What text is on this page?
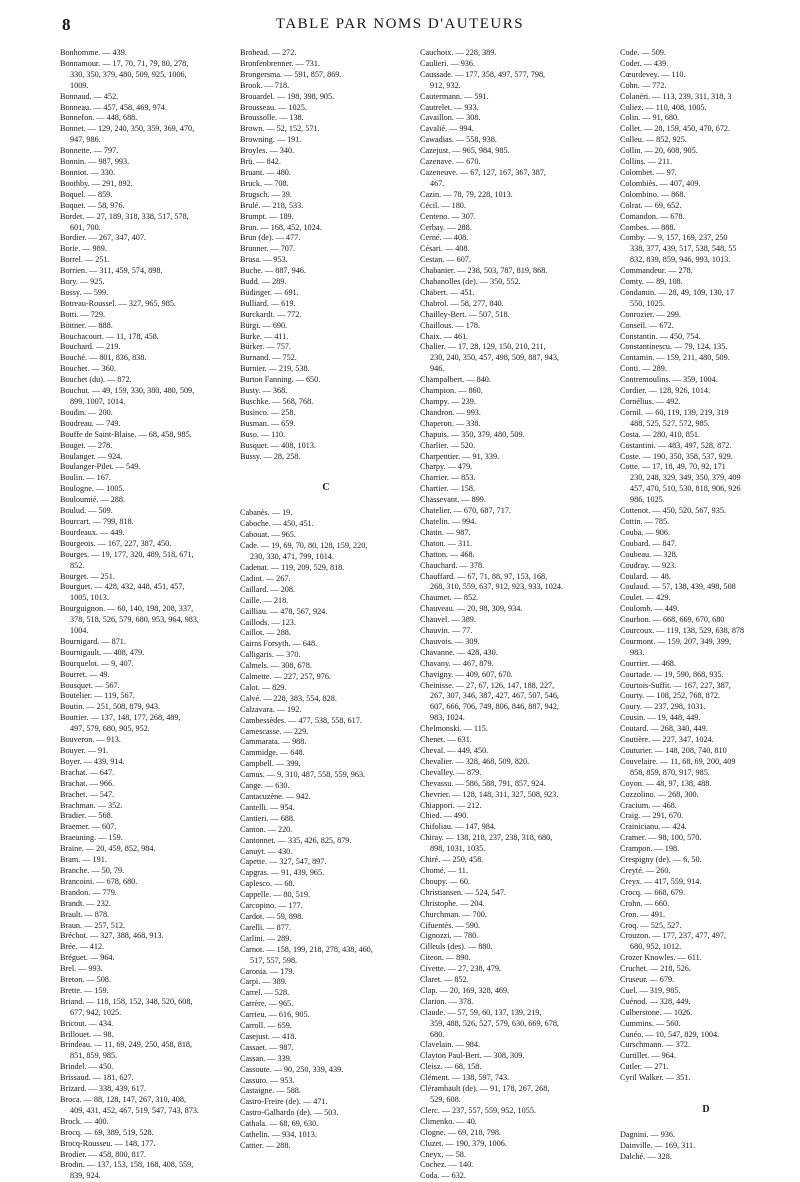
8	TABLE PAR NOMS D'AUTEURS
Bonhomme. — 439.
Bonnamour. — 17, 70, 71, 79, 80, 278,
330, 350, 379, 480, 509, 925, 1006,
1009.
Bonnaud. — 452.
Bonneau. — 457, 458, 469, 974.
Bonnefon. — 448, 688.
Bonnet. — 129, 240, 350, 359, 369, 470,
947, 986.
Bonnette. — 797.
Bonnin. — 987, 993.
Bonniot. — 330.
Boothby. — 291, 892.
Boquel. — 859.
Boquet. — 58, 976.
Bordet. — 27, 189, 318, 338, 517, 578,
601, 700.
Bordier. — 267, 347, 407.
Borie. — 989.
Borrel. — 251.
Borrien. — 311, 459, 574, 898.
Bory. — 925.
Bossy. — 599.
Botreau-Roussel. — 327, 965, 985.
Botti. — 729.
Böttner. — 888.
Bouchacourt. — 11, 178, 458.
Bouchard. — 219.
Bouché. — 801, 836, 838.
Bouchet. — 360.
Bouchet (du). — 872.
Bouchut. — 49, 159, 330, 380, 480, 509,
899, 1007, 1014.
Boudin. — 200.
Boudreau. — 749.
Bouffe de Saint-Blaise. — 68, 458, 985.
Bouget. — 278.
Boulanger. — 924.
Boulanger-Pilet. — 549.
Boulin. — 167.
Boulogne. — 1005.
Bouloumié. — 288.
Boulud. — 509.
Bourcart. — 799, 818.
Bourdeaux. — 449.
Bourgeois. — 167, 227, 387, 450.
Bourges. — 19, 177, 320, 489, 518, 671,
852.
Bourget. — 251.
Bourguet. — 428, 432, 448, 451, 457,
1005, 1013.
Bourguignon. — 60, 140, 198, 208, 337,
378, 518, 526, 579, 680, 953, 964, 983,
1004.
Bournigard. — 871.
Bournigault. — 408, 479.
Bourquelot. — 9, 407.
Bourret. — 49.
Bousquet. — 567.
Boutelier. — 119, 567.
Boutin. — 251, 508, 879, 943.
Bouttier. — 137, 148, 177, 268, 489,
497, 579, 680, 905, 952.
Bouveron. — 913.
Bouyer. — 91.
Boyer. — 439, 914.
Brachat. — 647.
Brachat. — 966.
Brachet. — 547.
Brachman. — 352.
Bradier. — 568.
Braemer. — 607.
Braeuning. — 159.
Braine. — 20, 459, 852, 984.
Bram. — 191.
Branche. — 50, 79.
Brancoini. — 678, 680.
Brandon. — 779.
Brandt. — 232.
Brault. — 878.
Braun. — 257, 512.
Bréchot. — 327, 388, 468, 913.
Brée. — 412.
Bréguet. — 964.
Brel. — 993.
Breton. — 508.
Brette. — 159.
Briand. — 118, 158, 152, 348, 520, 608,
677, 942, 1025.
Bricout. — 434.
Brillouet. — 98.
Brindeau. — 11, 69, 249, 250, 458, 818,
851, 859, 985.
Brindel. — 450.
Brissaud. — 181, 627.
Brizard. — 338, 439, 617.
Broca. — 88, 128, 147, 267, 310, 408,
409, 431, 452, 467, 519, 547, 743, 873.
Brock. — 400.
Brocq. — 69, 389, 519, 528.
Brocq-Rousseu. — 148, 177.
Brodier. — 458, 800, 817.
Brodin. — 137, 153, 158, 168, 408, 559,
839, 924.
Brohead. — 272.
Bronfenbrenner. — 731.
Brongersma. — 591, 857, 869.
Brook. — 718.
Brouardel. — 198, 398, 905.
Brousseau. — 1025.
Broussolle. — 138.
Brown. — 52, 152, 571.
Browning. — 191.
Broyles. — 340.
Brü. — 842.
Bruant. — 480.
Bruck. — 708.
Brugsch. — 39.
Brulé. — 218, 533.
Brumpt. — 189.
Brun. — 168, 452, 1024.
Brun (de). — 477.
Brunner. — 707.
Brusa. — 953.
Buche. — 887, 946.
Budd. — 289.
Büdinger. — 691.
Bulliard. — 619.
Burckardt. — 772.
Bürgi. — 690.
Burke. — 411.
Bürker. — 757.
Burnand. — 752.
Burnier. — 219, 538.
Burton Fanning. — 650.
Busty. — 368.
Buschke. — 568, 768.
Businco. — 258.
Busman. — 659.
Buso. — 110.
Busquet. — 408, 1013.
Bussy. — 28, 258.
C
Cabanès. — 19.
Caboche. — 450, 451.
Cabouat. — 965.
Cade. — 19, 69, 70, 80, 128, 159, 220,
230, 330, 471, 799, 1014.
Cadenat. — 119, 209, 529, 818.
Cadiot. — 267.
Caillard. — 208.
Caille. — 218.
Cailliau. — 478, 567, 924.
Caillods. — 123.
Caillot. — 288.
Cairns Forsyth. — 648.
Calligaris. — 370.
Calmels. — 308, 678.
Calmette. — 227, 257, 976.
Calot. — 829.
Calvé. — 228, 383, 554, 828.
Calzavara. — 192.
Cambessèdes. — 477, 538, 558, 617.
Camescasse. — 229.
Cammarata. — 988.
Cammidge. — 648.
Campbell. — 399.
Camus. — 9, 310, 487, 558, 559, 963.
Cange. — 630.
Cantacuzène. — 942.
Cantelli. — 954.
Cantieri. — 688.
Canton. — 220.
Cantonnet. — 335, 426, 825, 879.
Canuyt. — 430.
Capette. — 327, 547, 897.
Capgras. — 91, 439, 965.
Caplesco. — 68.
Cappelle. — 80, 519.
Carcopino. — 177.
Cardot. — 59, 898.
Carelli. — 877.
Carlini. — 289.
Carnot. — 158, 199, 218, 278, 438, 460,
517, 557, 598.
Caronia. — 179.
Carpi. — 389.
Carrel. — 528.
Carrère. — 965.
Carrieu. — 616, 905.
Carroll. — 659.
Casejust. — 418.
Cassaet. — 987.
Cassan. — 339.
Cassoute. — 90, 250, 339, 439.
Cassuto. — 953.
Castaigne. — 588.
Castro-Freire (de). — 471.
Castro-Galhardo (de). — 503.
Cathala. — 68, 69, 630.
Cathelin. — 934, 1013.
Cattier. — 288.
Cauchoix. — 228, 389.
Caulieri. — 936.
Caussade. — 177, 358, 497, 577, 798,
912, 932.
Cautermann. — 591.
Cautrelet. — 933.
Cavaillon. — 308.
Cavalié. — 994.
Cawadias. — 558, 938.
Cazejust. — 965, 984, 985.
Cazenave. — 670.
Cazeneuve. — 67, 127, 167, 367, 387,
467.
Cazin. — 78, 79, 228, 1013.
Cécil. — 180.
Centeno. — 307.
Cerbay. — 288.
Cerné. — 408.
Césari. — 408.
Cestan. — 607.
Chabanier. — 238, 503, 787, 819, 868.
Chabanolles (de). — 350, 552.
Chabert. — 451.
Chabrol. — 58, 277, 840.
Chailley-Bert. — 507, 518.
Chaillous. — 178.
Chaix. — 461.
Chalier. — 17, 28, 129, 150, 210, 211,
230, 240, 350, 457, 498, 509, 887, 943,
946.
Champalbert. — 840.
Champion. — 860.
Champy. — 239.
Chandron. — 993.
Chaperon. — 338.
Chapuis. — 350, 379, 480, 509.
Charlier. — 520.
Charpentier. — 91, 339.
Charpy. — 479.
Charrier. — 853.
Chartier. — 158.
Chassevant. — 899.
Chatelier. — 670, 687, 717.
Chatelin. — 994.
Chatin. — 987.
Chaton. — 311.
Chatton. — 468.
Chauchard. — 378.
Chauffard. — 67, 71, 88, 97, 153, 168,
268, 310, 559, 637, 912, 923, 933, 1024.
Chaumet. — 852.
Chauveau. — 20, 98, 309, 934.
Chauvel. — 389.
Chauvin. — 77.
Chauvois. — 309.
Chavanne. — 428, 430.
Chavany. — 467, 879.
Chavigny. — 409, 607, 670.
Cheinisse. — 27, 67, 126, 147, 188, 227,
267, 307, 346, 387, 427, 467, 507, 546,
607, 666, 706, 749, 806, 846, 887, 942,
983, 1024.
Chelmonski. — 115.
Chenet. — 631.
Cheval. — 449, 450.
Chevalier. — 328, 468, 509, 820.
Chevalley. — 879.
Chevassu. — 586, 588, 791, 857, 924.
Chevrier. — 128, 148, 311, 327, 508, 923.
Chiappori. — 212.
Chied. — 490.
Chifoliau. — 147, 984.
Chiray. — 138, 218, 237, 238, 318, 680,
898, 1031, 1035.
Chiré. — 250, 458.
Chomé. — 11.
Choupy. — 60.
Christiansen. — 524, 547.
Christophe. — 204.
Churchman. — 700.
Cifuentès. — 590.
Cignozzi. — 780.
Cilleuls (des). — 880.
Citeon. — 890.
Civette. — 27, 238, 479.
Claret. — 852.
Clap. — 20, 169, 328, 469.
Clarion. — 378.
Claude. — 57, 59, 60, 137, 139, 219,
359, 488, 526, 527, 579, 630, 669, 678,
680.
Clavelain. — 984.
Clayton Paul-Bert. — 308, 309.
Cleisz. — 68, 158.
Clément. — 138, 597, 743.
Clérambault (de). — 91, 178, 267, 268,
529, 608.
Clerc. — 237, 557, 559, 952, 1055.
Climenko. — 40.
Clogne. — 69, 218, 798.
Cluzet. — 190, 379, 1006.
Cneyx. — 58.
Cochez. — 140.
Coda. — 632.
Code. — 509.
Codet. — 439.
Cœurdevey. — 110.
Cohn. — 772.
Colanéri. — 113, 239, 311, 318, 3
Coliez. — 110, 408, 1005.
Colin. — 91, 680.
Collet. — 28, 159, 450, 470, 672.
Colleu. — 852, 925.
Collin. — 20, 608, 905.
Collins. — 211.
Colombet. — 97.
Colombiès. — 407, 409.
Colombino. — 868.
Colrat. — 69, 652.
Comandon. — 678.
Combes. — 888.
Comby. — 9, 157, 169, 237, 250
338, 377, 439, 517, 538, 548, 55
832, 839, 859, 946, 993, 1013.
Commandeur. — 278.
Comty. — 89, 108.
Condamin. — 28, 49, 109, 130, 17
550, 1025.
Conrozier. — 299.
Conseil. — 672.
Constantin. — 450, 754.
Constantinescu. — 79, 124, 135.
Contamin. — 159, 211, 480, 509.
Conti. — 289.
Contremoulins. — 359, 1004.
Cordier. — 128, 926, 1014.
Cornélius. — 492.
Cornil. — 60, 119, 139, 219, 319
488, 525, 527, 572, 985.
Costa. — 280, 410, 851.
Costantini. — 483, 497, 528, 872.
Coste. — 190, 350, 358, 537, 929.
Cotte. — 17, 18, 49, 70, 92, 171
230, 248, 329, 349, 350, 379, 409
457, 470, 510, 530, 818, 906, 926
986, 1025.
Cottenot. — 450, 520, 567, 935.
Cottin. — 785.
Couba. — 906.
Coubard. — 847.
Coubeau. — 328.
Coudray. — 923.
Coulard. — 48.
Coulaud. — 57, 138, 439, 498, 508
Coulet. — 429.
Coulomb. — 449.
Courbon. — 668, 669, 670, 680
Courcoux. — 119, 138, 529, 638, 878
Courmont. — 159, 207, 349, 399,
983.
Courrier. — 468.
Courtade. — 19, 590, 868, 935.
Courtois-Suffit. — 167, 227, 387,
Courty. — 108, 252, 768, 872.
Coury. — 237, 298, 1031.
Cousin. — 19, 448, 449.
Coutard. — 268, 340, 449.
Coutière. — 227, 347, 1024.
Couturier. — 148, 208, 740, 810
Couvelaire. — 11, 68, 69, 200, 409
858, 859, 870, 917, 985.
Coyon. — 48, 97, 138, 488.
Cozzolino. — 268, 300.
Cracium. — 468.
Craig. — 291, 670.
Crainicianu. — 424.
Cramer. — 98, 100, 570.
Crampon. — 198.
Crespigny (de). — 6, 50.
Creyté. — 260.
Creyx. — 417, 559, 914.
Crocq. — 668, 679.
Crohn. — 660.
Cron. — 491.
Croq. — 525, 527.
Crouzon. — 177, 237, 477, 497,
680, 952, 1012.
Crozer Knowles. — 611.
Cruchet. — 218, 526.
Cruseur. — 679.
Cuel. — 319, 985.
Cuénod. — 328, 449.
Culberstone. — 1026.
Cummins. — 560.
Cunéo. — 10, 547, 829, 1004.
Curschmann. — 372.
Curtillet. — 964.
Cutler. — 271.
Cyril Walker. — 351.
D
Dagnini. — 936.
Dainville. — 169, 311.
Dalché. — 328.
